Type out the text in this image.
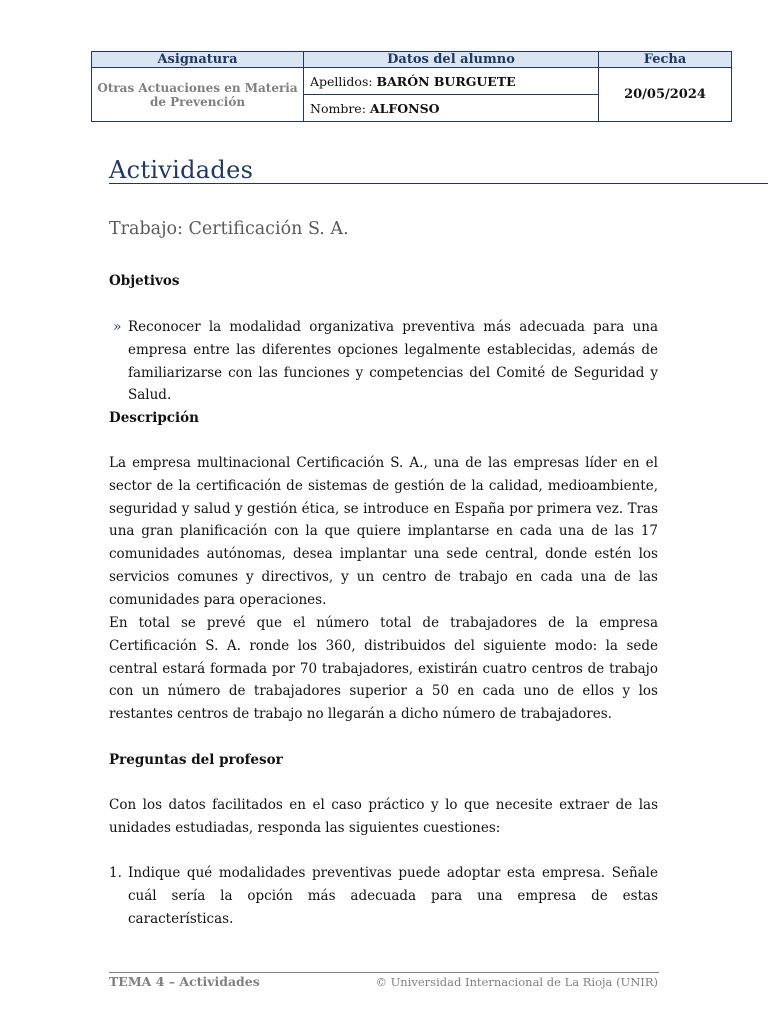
Asignatura	Datos del alumno	Fecha
Otras Actuaciones en Materia de Prevención	Apellidos: BARÓN BURGUETE	20/05/2024
	Nombre: ALFONSO	
Actividades
Trabajo: Certificación S. A.

Objetivos

» Reconocer la modalidad organizativa preventiva más adecuada para una empresa entre las diferentes opciones legalmente establecidas, además de familiarizarse con las funciones y competencias del Comité de Seguridad y Salud.

Descripción

La empresa multinacional Certificación S. A., una de las empresas líder en el sector de la certificación de sistemas de gestión de la calidad, medioambiente, seguridad y salud y gestión ética, se introduce en España por primera vez. Tras una gran planificación con la que quiere implantarse en cada una de las 17 comunidades autónomas, desea implantar una sede central, donde estén los servicios comunes y directivos, y un centro de trabajo en cada una de las comunidades para operaciones.

En total se prevé que el número total de trabajadores de la empresa Certificación S. A. ronde los 360, distribuidos del siguiente modo: la sede central estará formada por 70 trabajadores, existirán cuatro centros de trabajo con un número de trabajadores superior a 50 en cada uno de ellos y los restantes centros de trabajo no llegarán a dicho número de trabajadores.

Preguntas del profesor

Con los datos facilitados en el caso práctico y lo que necesite extraer de las unidades estudiadas, responda las siguientes cuestiones:

1. Indique qué modalidades preventivas puede adoptar esta empresa. Señale cuál sería la opción más adecuada para una empresa de estas características.
TEMA 4 – Actividades	© Universidad Internacional de La Rioja (UNIR)
